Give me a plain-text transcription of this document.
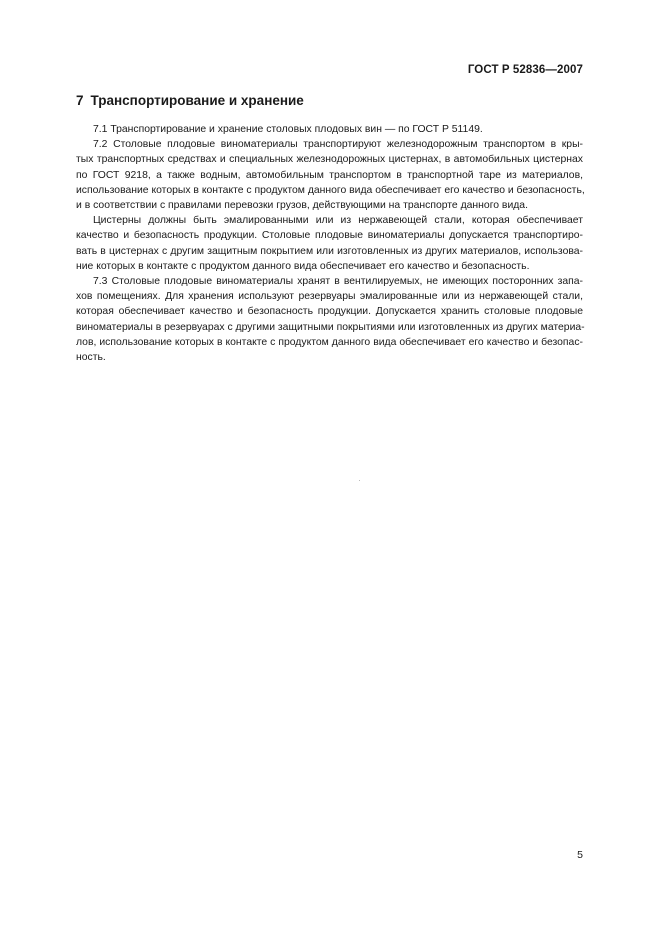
ГОСТ Р 52836—2007
7 Транспортирование и хранение

7.1 Транспортирование и хранение столовых плодовых вин — по ГОСТ Р 51149.

7.2 Столовые плодовые виноматериалы транспортируют железнодорожным транспортом в кры-
тых транспортных средствах и специальных железнодорожных цистернах, в автомобильных цистернах
по ГОСТ 9218, а также водным, автомобильным транспортом в транспортной таре из материалов,
использование которых в контакте с продуктом данного вида обеспечивает его качество и безопасность,
и в соответствии с правилами перевозки грузов, действующими на транспорте данного вида.

Цистерны должны быть эмалированными или из нержавеющей стали, которая обеспечивает
качество и безопасность продукции. Столовые плодовые виноматериалы допускается транспортиро-
вать в цистернах с другим защитным покрытием или изготовленных из других материалов, использова-
ние которых в контакте с продуктом данного вида обеспечивает его качество и безопасность.

7.3 Столовые плодовые виноматериалы хранят в вентилируемых, не имеющих посторонних запа-
хов помещениях. Для хранения используют резервуары эмалированные или из нержавеющей стали,
которая обеспечивает качество и безопасность продукции. Допускается хранить столовые плодовые
виноматериалы в резервуарах с другими защитными покрытиями или изготовленных из других материа-
лов, использование которых в контакте с продуктом данного вида обеспечивает его качество и безопас-
ность.

5
